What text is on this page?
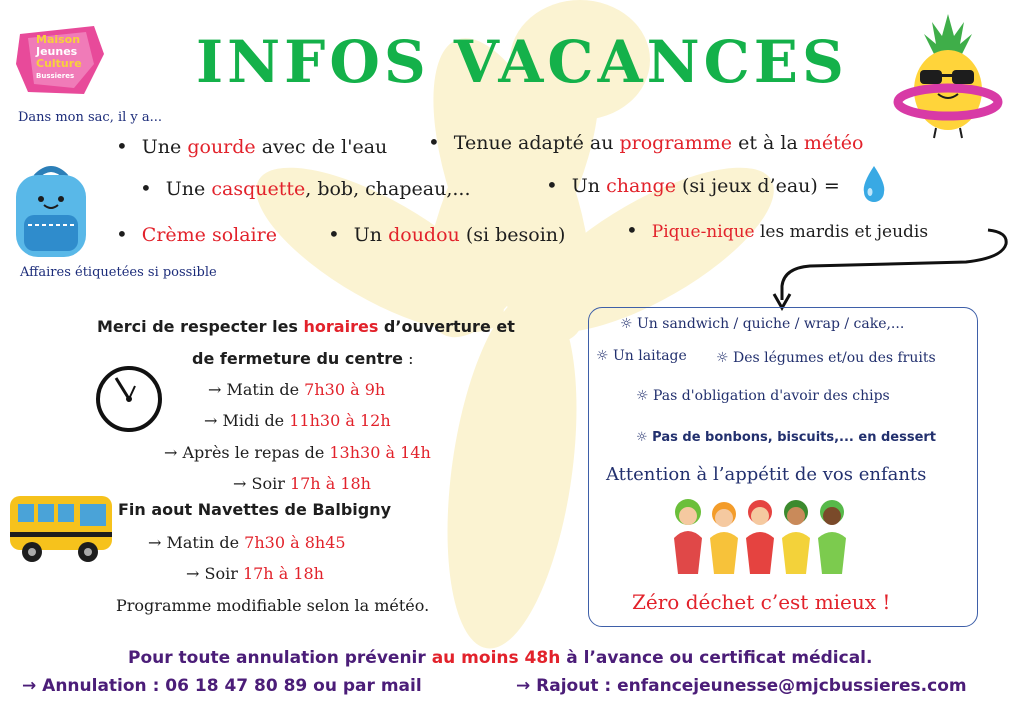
Maison
Jeunes
Culture
Bussieres INFOS VACANCES
Dans mon sac, il y a...
Affaires étiquetées si possible
• Une gourde avec de l'eau • Tenue adapté au programme et à la météo
• Une casquette, bob, chapeau,...	• Un change (si jeux d’eau) =
• Crème solaire	• Un doudou (si besoin)	• Pique-nique les mardis et jeudis
Merci de respecter les horaires d’ouverture et
de fermeture du centre :
→ Matin de 7h30 à 9h
→ Midi de 11h30 à 12h
→ Après le repas de 13h30 à 14h
→ Soir 17h à 18h
Fin aout Navettes de Balbigny
→ Matin de 7h30 à 8h45
→ Soir 17h à 18h
Programme modifiable selon la météo.
☼ Un sandwich / quiche / wrap / cake,...
☼ Un laitage ☼ Des légumes et/ou des fruits
☼ Pas d'obligation d'avoir des chips
☼ Pas de bonbons, biscuits,... en dessert
Attention à l’appétit de vos enfants
Zéro déchet c’est mieux !
Pour toute annulation prévenir au moins 48h à l’avance ou certificat médical.
→ Annulation : 06 18 47 80 89 ou par mail	→ Rajout : enfancejeunesse@mjcbussieres.com
